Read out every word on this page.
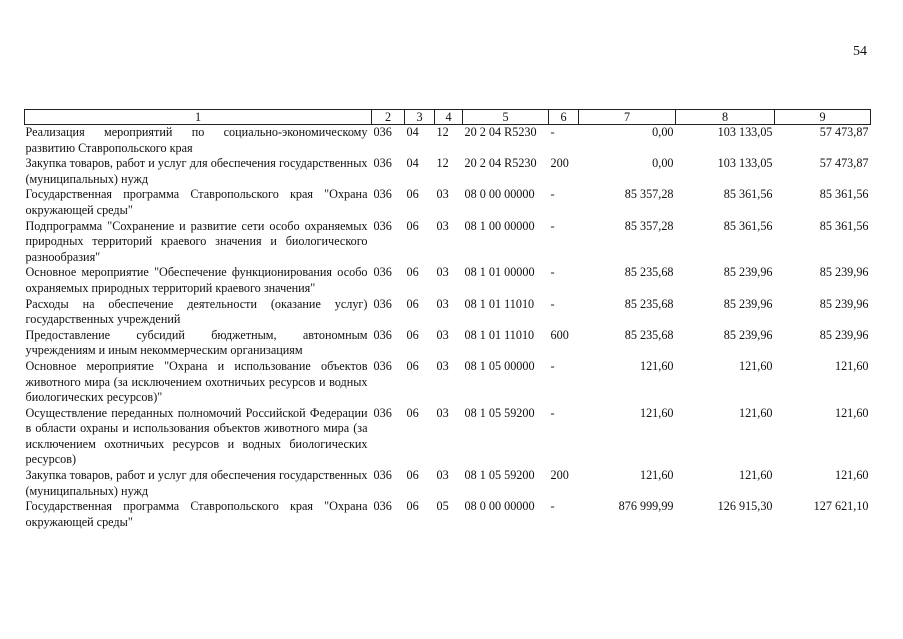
54
1	2	3	4	5	6	7	8	9
Реализация мероприятий по социально-экономическому развитию Ставропольского края	036	04	12	20 2 04 R5230	-	0,00	103 133,05	57 473,87
Закупка товаров, работ и услуг для обеспечения государственных (муниципальных) нужд	036	04	12	20 2 04 R5230	200	0,00	103 133,05	57 473,87
Государственная программа Ставропольского края "Охрана окружающей среды"	036	06	03	08 0 00 00000	-	85 357,28	85 361,56	85 361,56
Подпрограмма "Сохранение и развитие сети особо охраняемых природных территорий краевого значения и биологического разнообразия"	036	06	03	08 1 00 00000	-	85 357,28	85 361,56	85 361,56
Основное мероприятие "Обеспечение функционирования особо охраняемых природных территорий краевого значения"	036	06	03	08 1 01 00000	-	85 235,68	85 239,96	85 239,96
Расходы на обеспечение деятельности (оказание услуг) государственных учреждений	036	06	03	08 1 01 11010	-	85 235,68	85 239,96	85 239,96
Предоставление субсидий бюджетным, автономным учреждениям и иным некоммерческим организациям	036	06	03	08 1 01 11010	600	85 235,68	85 239,96	85 239,96
Основное мероприятие "Охрана и использование объектов животного мира (за исключением охотничьих ресурсов и водных биологических ресурсов)"	036	06	03	08 1 05 00000	-	121,60	121,60	121,60
Осуществление переданных полномочий Российской Федерации в области охраны и использования объектов животного мира (за исключением охотничьих ресурсов и водных биологических ресурсов)	036	06	03	08 1 05 59200	-	121,60	121,60	121,60
Закупка товаров, работ и услуг для обеспечения государственных (муниципальных) нужд	036	06	03	08 1 05 59200	200	121,60	121,60	121,60
Государственная программа Ставропольского края "Охрана окружающей среды"	036	06	05	08 0 00 00000	-	876 999,99	126 915,30	127 621,10
